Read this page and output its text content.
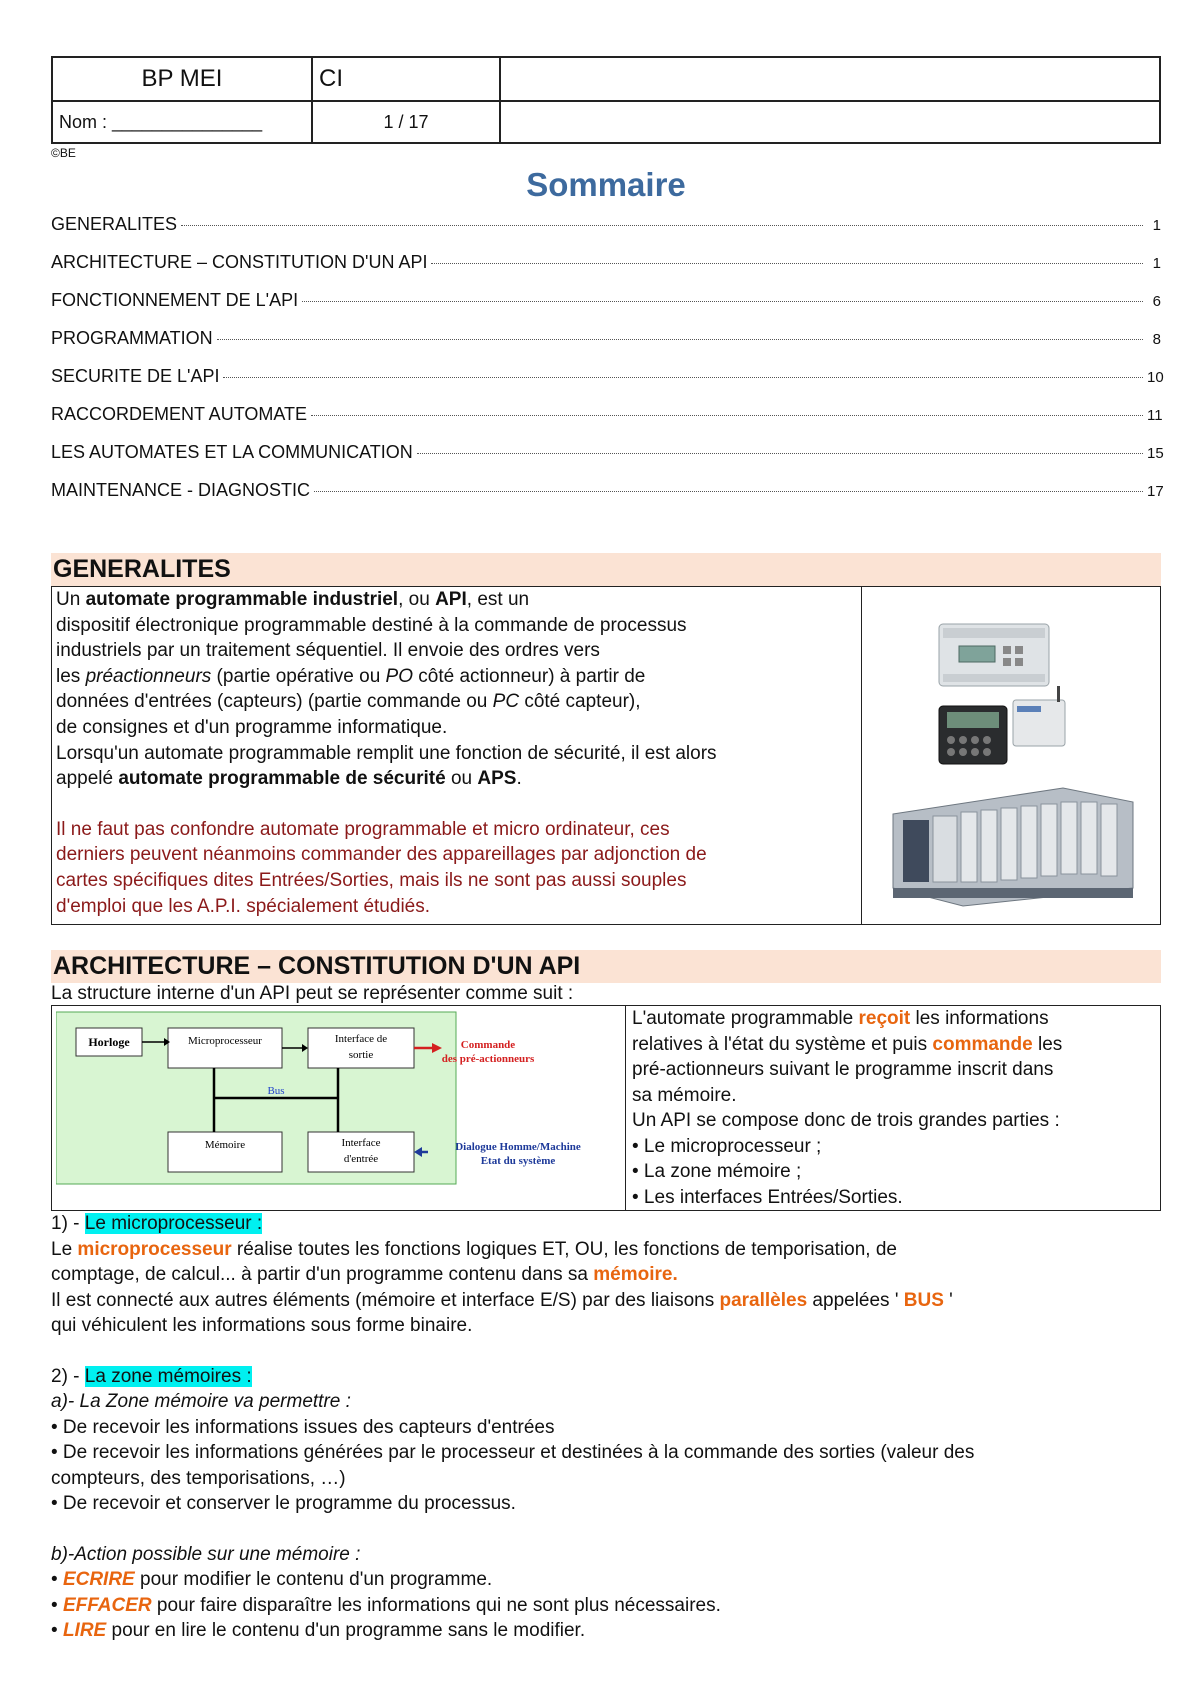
BP MEI	CI	
Nom : _______________	1 / 17	
©BE
Sommaire
GENERALITES	1
ARCHITECTURE – CONSTITUTION D'UN API	1
FONCTIONNEMENT DE L'API	6
PROGRAMMATION	8
SECURITE DE L'API	10
RACCORDEMENT AUTOMATE	11
LES AUTOMATES ET LA COMMUNICATION	15
MAINTENANCE - DIAGNOSTIC	17
GENERALITES
Un automate programmable industriel, ou API, est un
dispositif électronique programmable destiné à la commande de processus
industriels par un traitement séquentiel. Il envoie des ordres vers
les préactionneurs (partie opérative ou PO côté actionneur) à partir de
données d'entrées (capteurs) (partie commande ou PC côté capteur),
de consignes et d'un programme informatique.
Lorsqu'un automate programmable remplit une fonction de sécurité, il est alors
appelé automate programmable de sécurité ou APS.
Il ne faut pas confondre automate programmable et micro ordinateur, ces
derniers peuvent néanmoins commander des appareillages par adjonction de
cartes spécifiques dites Entrées/Sorties, mais ils ne sont pas aussi souples
d'emploi que les A.P.I. spécialement étudiés.

ARCHITECTURE – CONSTITUTION D'UN API
La structure interne d'un API peut se représenter comme suit :
Horloge	Microprocesseur	Interface de
sortie
Mémoire	Interface
d'entrée
Bus
Commande
des pré-actionneurs
Dialogue Homme/Machine
Etat du système

L'automate programmable reçoit les informations
relatives à l'état du système et puis commande les
pré-actionneurs suivant le programme inscrit dans
sa mémoire.
Un API se compose donc de trois grandes parties :
• Le microprocesseur ;
• La zone mémoire ;
• Les interfaces Entrées/Sorties.
1) - Le microprocesseur :
Le microprocesseur réalise toutes les fonctions logiques ET, OU, les fonctions de temporisation, de
comptage, de calcul... à partir d'un programme contenu dans sa mémoire.
Il est connecté aux autres éléments (mémoire et interface E/S) par des liaisons parallèles appelées ' BUS '
qui véhiculent les informations sous forme binaire.
2) - La zone mémoires :
a)- La Zone mémoire va permettre :
• De recevoir les informations issues des capteurs d'entrées
• De recevoir les informations générées par le processeur et destinées à la commande des sorties (valeur des
compteurs, des temporisations, …)
• De recevoir et conserver le programme du processus.
b)-Action possible sur une mémoire :
• ECRIRE pour modifier le contenu d'un programme.
• EFFACER pour faire disparaître les informations qui ne sont plus nécessaires.
• LIRE pour en lire le contenu d'un programme sans le modifier.
